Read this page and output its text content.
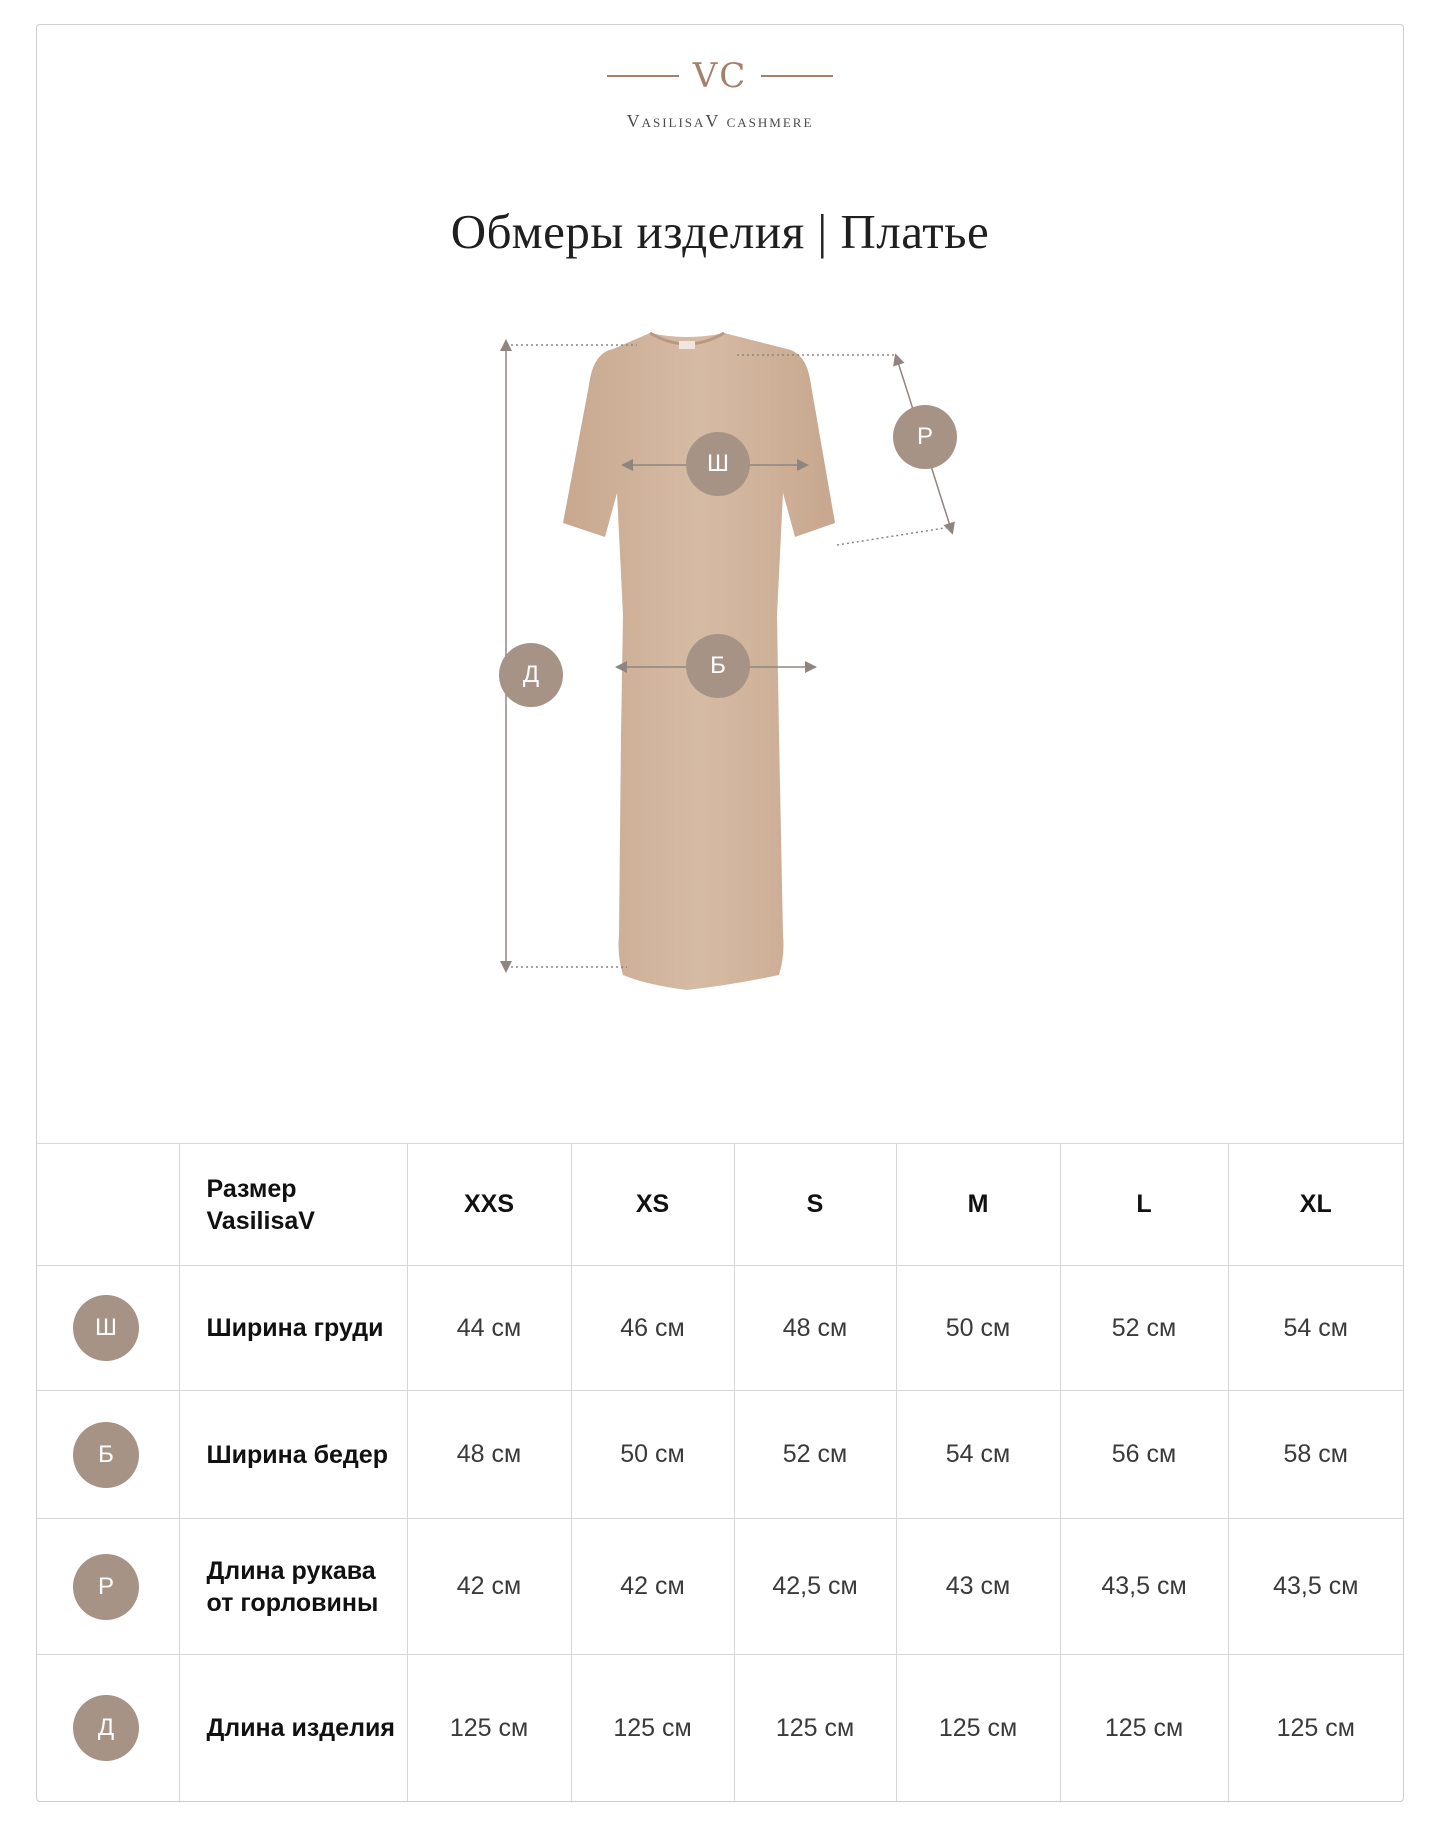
VC
VasilisaV cashmere
Обмеры изделия | Платье
Ш
Б
Р
Д
	Размер VasilisaV	XXS	XS	S	M	L	XL

Ш	Ширина груди	44 см	46 см	48 см	50 см	52 см	54 см

Б	Ширина бедер	48 см	50 см	52 см	54 см	56 см	58 см

Р	Длина рукава от горловины	42 см	42 см	42,5 см	43 см	43,5 см	43,5 см

Д	Длина изделия	125 см	125 см	125 см	125 см	125 см	125 см
